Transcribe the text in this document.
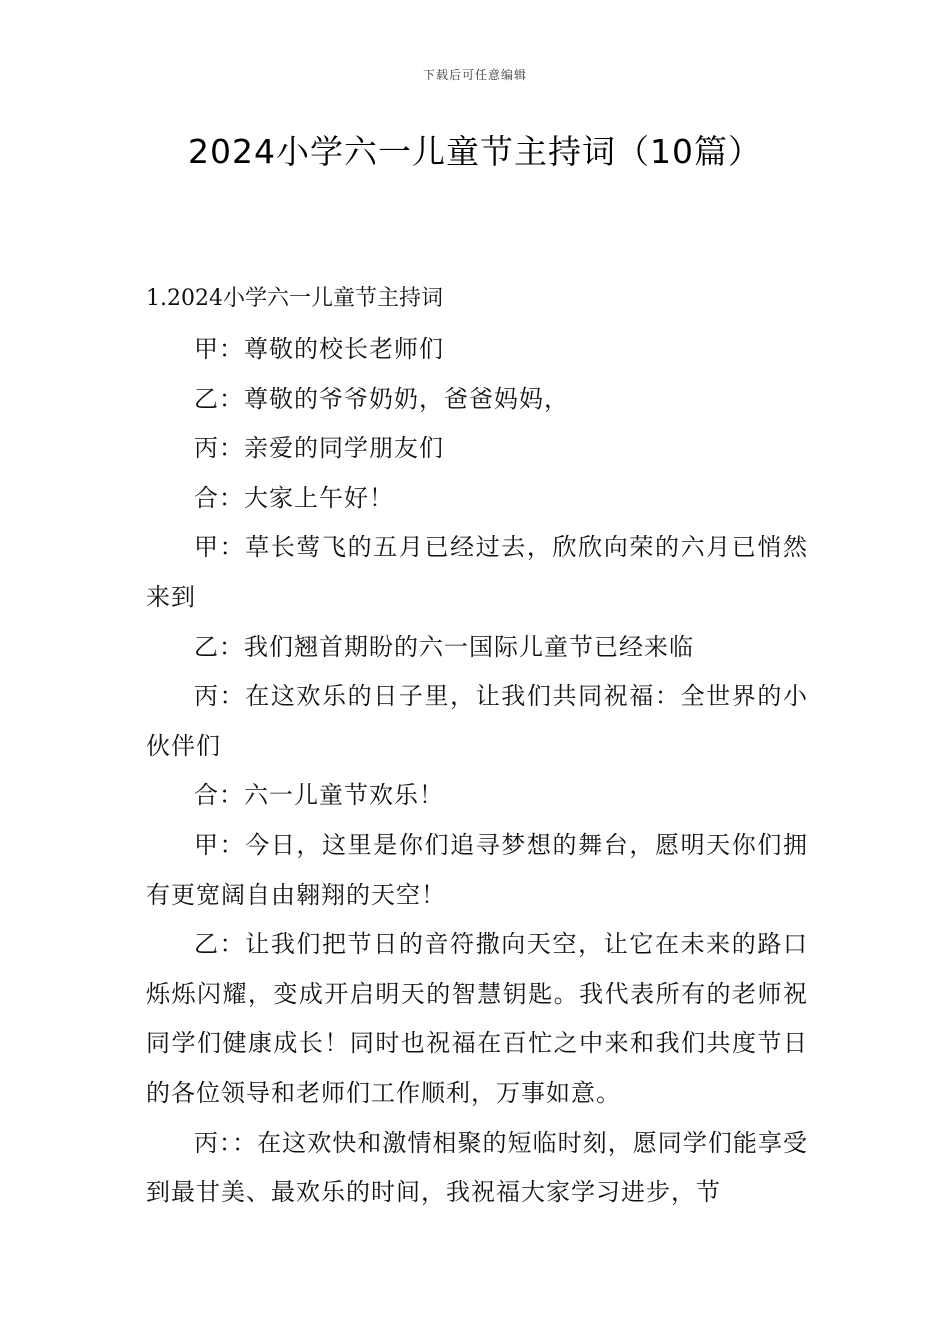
下载后可任意编辑
2024小学六一儿童节主持词（10篇）
1.2024小学六一儿童节主持词

甲：尊敬的校长老师们

乙：尊敬的爷爷奶奶，爸爸妈妈，

丙：亲爱的同学朋友们

合：大家上午好！

甲：草长莺飞的五月已经过去，欣欣向荣的六月已悄然来到

乙：我们翘首期盼的六一国际儿童节已经来临

丙：在这欢乐的日子里，让我们共同祝福：全世界的小伙伴们

合：六一儿童节欢乐！

甲：今日，这里是你们追寻梦想的舞台，愿明天你们拥有更宽阔自由翱翔的天空！

乙：让我们把节日的音符撒向天空，让它在未来的路口烁烁闪耀，变成开启明天的智慧钥匙。我代表所有的老师祝同学们健康成长！同时也祝福在百忙之中来和我们共度节日的各位领导和老师们工作顺利，万事如意。

丙：：在这欢快和激情相聚的短临时刻，愿同学们能享受到最甘美、最欢乐的时间，我祝福大家学习进步，节
